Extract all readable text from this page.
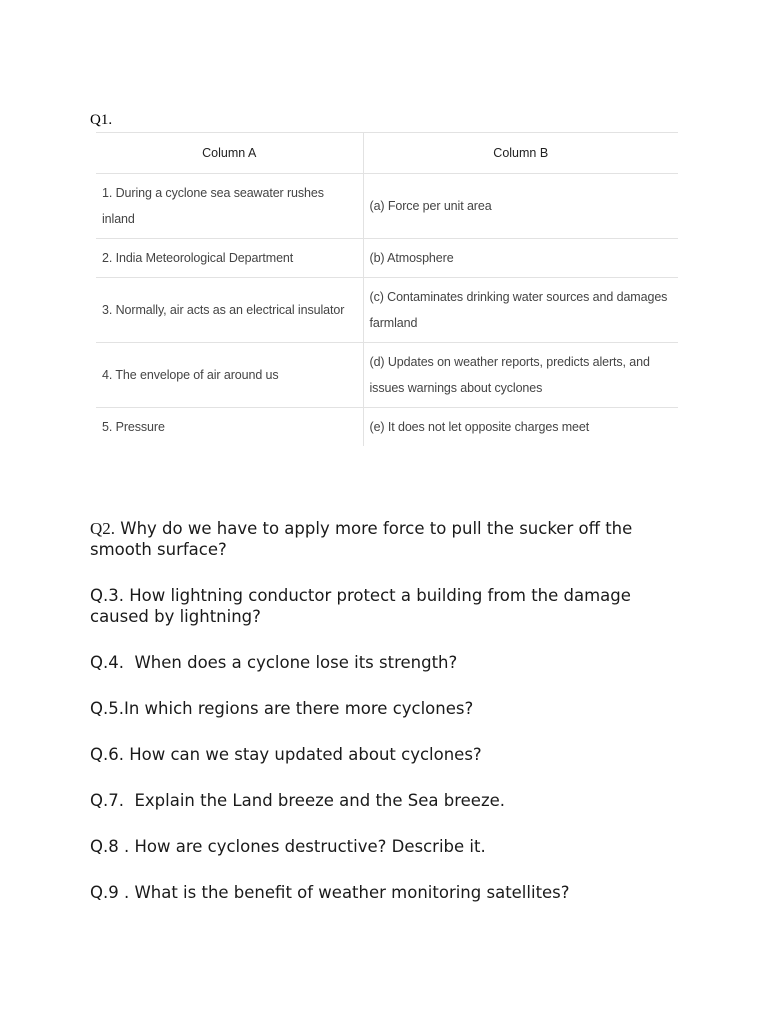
Q1.
Column A	Column B
1. During a cyclone sea seawater rushes inland	(a) Force per unit area
2. India Meteorological Department	(b) Atmosphere
3. Normally, air acts as an electrical insulator	(c) Contaminates drinking water sources and damages farmland
4. The envelope of air around us	(d) Updates on weather reports, predicts alerts, and issues warnings about cyclones
5. Pressure	(e) It does not let opposite charges meet

Q2. Why do we have to apply more force to pull the sucker off the smooth surface?

Q.3. How lightning conductor protect a building from the damage caused by lightning?

Q.4.  When does a cyclone lose its strength?

Q.5.In which regions are there more cyclones?

Q.6. How can we stay updated about cyclones?

Q.7.  Explain the Land breeze and the Sea breeze.

Q.8 . How are cyclones destructive? Describe it.

Q.9 . What is the benefit of weather monitoring satellites?
